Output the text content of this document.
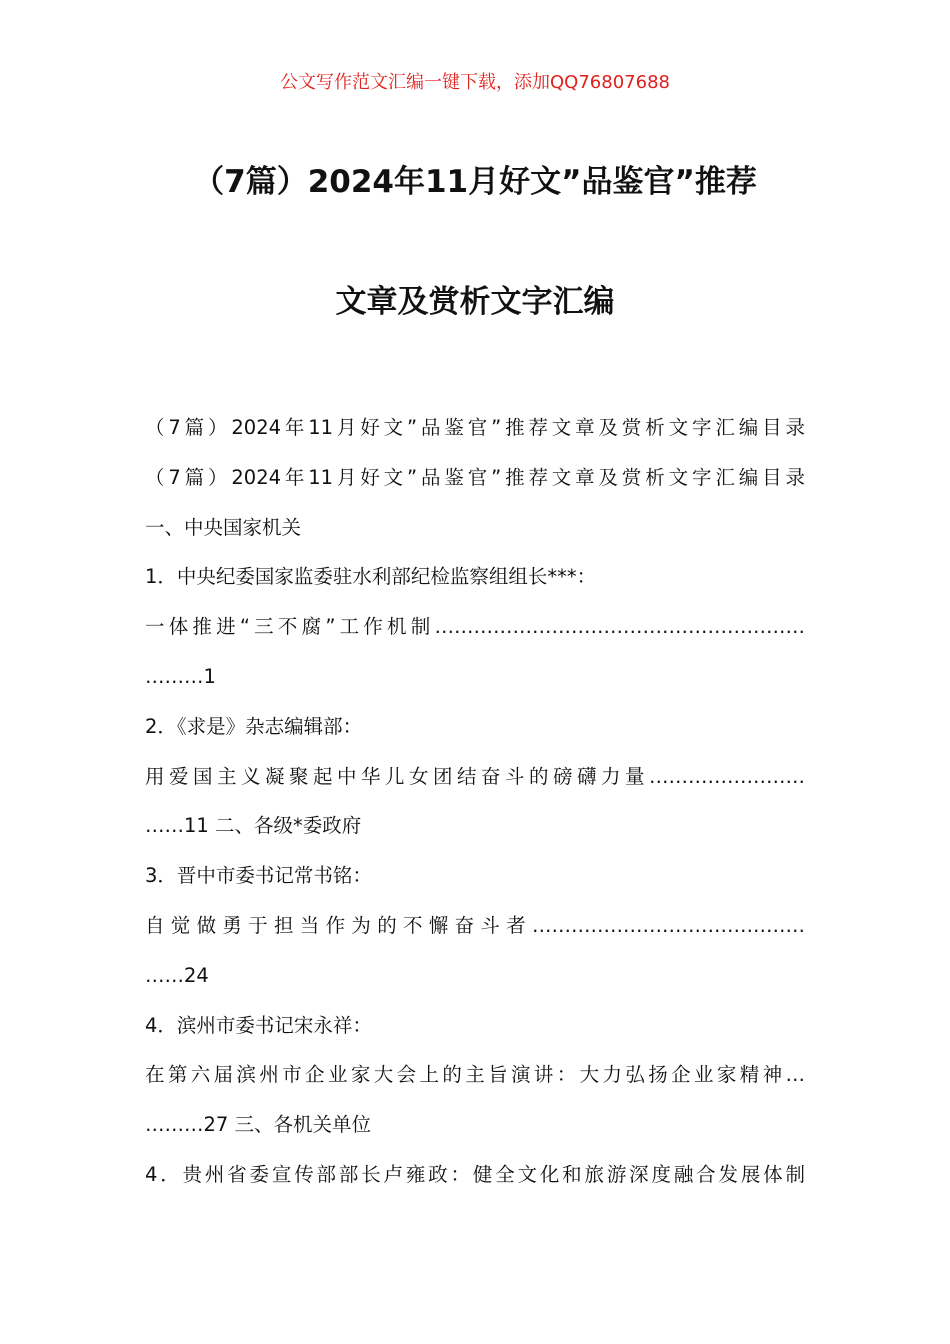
公文写作范文汇编一键下载，添加QQ76807688
（7篇）2024年11月好文”品鉴官”推荐
文章及赏析文字汇编
（7篇）2024年11月好文”品鉴官”推荐文章及赏析文字汇编目录
（7篇）2024年11月好文”品鉴官”推荐文章及赏析文字汇编目录
一、中央国家机关
1．中央纪委国家监委驻水利部纪检监察组组长***：
一体推进“三不腐”工作机制…………………………………………………
………1
2．《求是》杂志编辑部：
用爱国主义凝聚起中华儿女团结奋斗的磅礴力量……………………
……11 二、各级*委政府
3．晋中市委书记常书铭：
自觉做勇于担当作为的不懈奋斗者……………………………………
……24
4．滨州市委书记宋永祥：
在第六届滨州市企业家大会上的主旨演讲：大力弘扬企业家精神…
………27 三、各机关单位
4．贵州省委宣传部部长卢雍政：健全文化和旅游深度融合发展体制
